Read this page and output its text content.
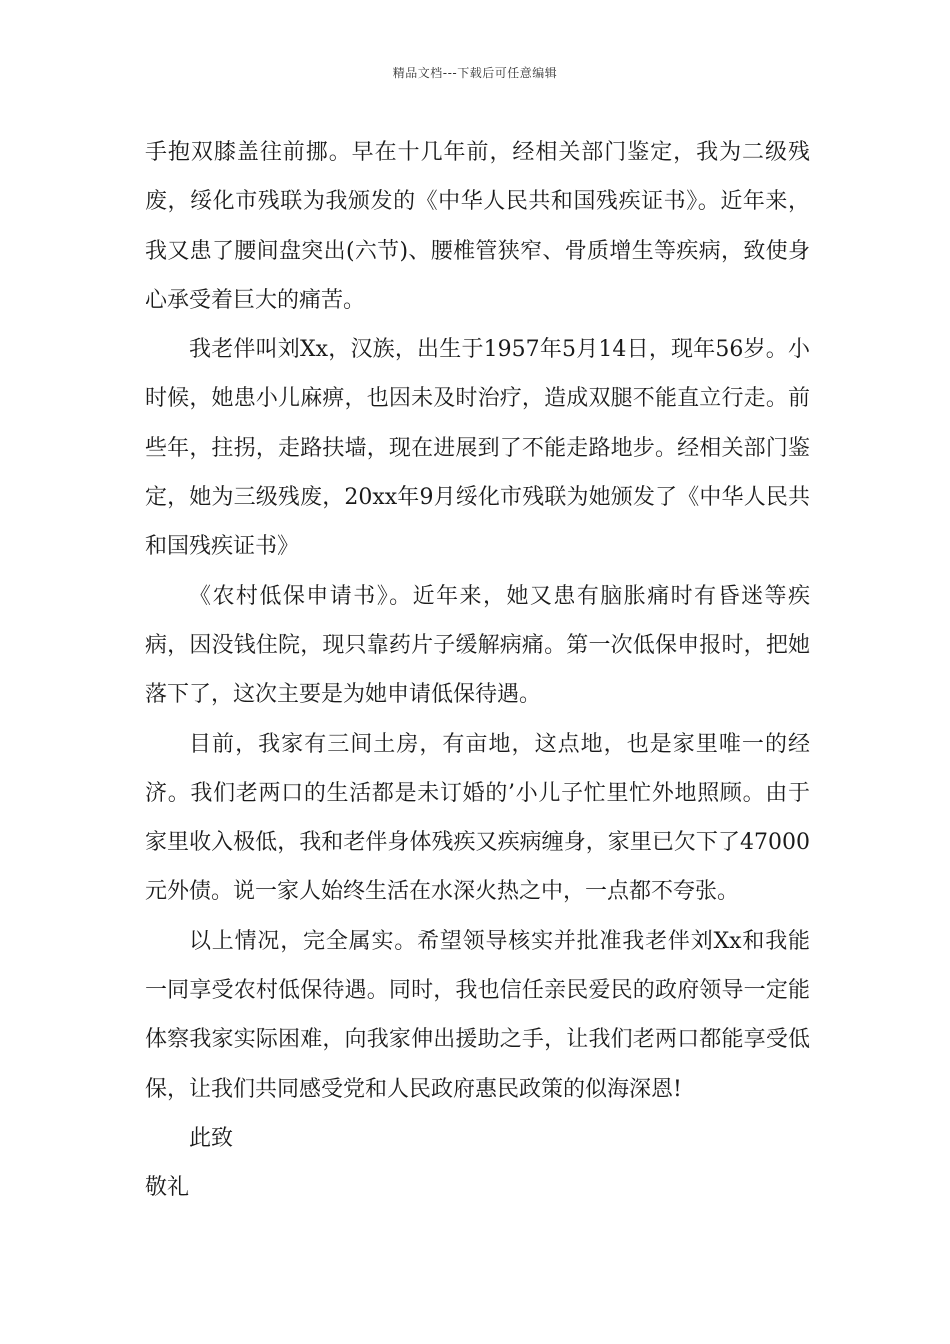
精品文档---下载后可任意编辑

手抱双膝盖往前挪。早在十几年前，经相关部门鉴定，我为二级残废，绥化市残联为我颁发的《中华人民共和国残疾证书》。近年来，我又患了腰间盘突出(六节)、腰椎管狭窄、骨质增生等疾病，致使身心承受着巨大的痛苦。

我老伴叫刘Xx，汉族，出生于1957年5月14日，现年56岁。小时候，她患小儿麻痹，也因未及时治疗，造成双腿不能直立行走。前些年，拄拐，走路扶墙，现在进展到了不能走路地步。经相关部门鉴定，她为三级残废，20xx年9月绥化市残联为她颁发了《中华人民共和国残疾证书》

《农村低保申请书》。近年来，她又患有脑胀痛时有昏迷等疾病，因没钱住院，现只靠药片子缓解病痛。第一次低保申报时，把她落下了，这次主要是为她申请低保待遇。

目前，我家有三间土房，有亩地，这点地，也是家里唯一的经济。我们老两口的生活都是未订婚的’小儿子忙里忙外地照顾。由于家里收入极低，我和老伴身体残疾又疾病缠身，家里已欠下了47000元外债。说一家人始终生活在水深火热之中，一点都不夸张。

以上情况，完全属实。希望领导核实并批准我老伴刘Xx和我能一同享受农村低保待遇。同时，我也信任亲民爱民的政府领导一定能体察我家实际困难，向我家伸出援助之手，让我们老两口都能享受低保，让我们共同感受党和人民政府惠民政策的似海深恩!

此致

敬礼
